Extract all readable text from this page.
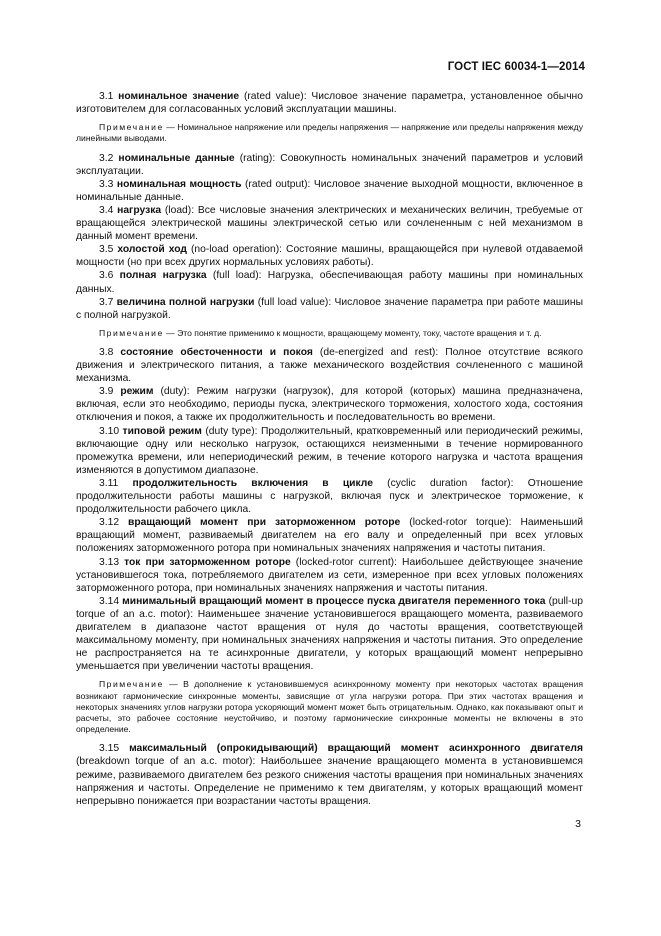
ГОСТ IEC 60034-1—2014

3.1 номинальное значение (rated value): Числовое значение параметра, установленное обычно изготовителем для согласованных условий эксплуатации машины.

Примечание — Номинальное напряжение или пределы напряжения — напряжение или пределы напряжения между линейными выводами.

3.2 номинальные данные (rating): Совокупность номинальных значений параметров и условий эксплуатации.

3.3 номинальная мощность (rated output): Числовое значение выходной мощности, включенное в номинальные данные.

3.4 нагрузка (load): Все числовые значения электрических и механических величин, требуемые от вращающейся электрической машины электрической сетью или сочлененным с ней механизмом в данный момент времени.

3.5 холостой ход (no-load operation): Состояние машины, вращающейся при нулевой отдаваемой мощности (но при всех других нормальных условиях работы).

3.6 полная нагрузка (full load): Нагрузка, обеспечивающая работу машины при номинальных данных.

3.7 величина полной нагрузки (full load value): Числовое значение параметра при работе машины с полной нагрузкой.

Примечание — Это понятие применимо к мощности, вращающему моменту, току, частоте вращения и т. д.

3.8 состояние обесточенности и покоя (de-energized and rest): Полное отсутствие всякого движения и электрического питания, а также механического воздействия сочлененного с машиной механизма.

3.9 режим (duty): Режим нагрузки (нагрузок), для которой (которых) машина предназначена, включая, если это необходимо, периоды пуска, электрического торможения, холостого хода, состояния отключения и покоя, а также их продолжительность и последовательность во времени.

3.10 типовой режим (duty type): Продолжительный, кратковременный или периодический режимы, включающие одну или несколько нагрузок, остающихся неизменными в течение нормированного промежутка времени, или непериодический режим, в течение которого нагрузка и частота вращения изменяются в допустимом диапазоне.

3.11 продолжительность включения в цикле (cyclic duration factor): Отношение продолжительности работы машины с нагрузкой, включая пуск и электрическое торможение, к продолжительности рабочего цикла.

3.12 вращающий момент при заторможенном роторе (locked-rotor torque): Наименьший вращающий момент, развиваемый двигателем на его валу и определенный при всех угловых положениях заторможенного ротора при номинальных значениях напряжения и частоты питания.

3.13 ток при заторможенном роторе (locked-rotor current): Наибольшее действующее значение установившегося тока, потребляемого двигателем из сети, измеренное при всех угловых положениях заторможенного ротора, при номинальных значениях напряжения и частоты питания.

3.14 минимальный вращающий момент в процессе пуска двигателя переменного тока (pull-up torque of an a.c. motor): Наименьшее значение установившегося вращающего момента, развиваемого двигателем в диапазоне частот вращения от нуля до частоты вращения, соответствующей максимальному моменту, при номинальных значениях напряжения и частоты питания. Это определение не распространяется на те асинхронные двигатели, у которых вращающий момент непрерывно уменьшается при увеличении частоты вращения.

Примечание — В дополнение к установившемуся асинхронному моменту при некоторых частотах вращения возникают гармонические синхронные моменты, зависящие от угла нагрузки ротора. При этих частотах вращения и некоторых значениях углов нагрузки ротора ускоряющий момент может быть отрицательным. Однако, как показывают опыт и расчеты, это рабочее состояние неустойчиво, и поэтому гармонические синхронные моменты не включены в это определение.

3.15 максимальный (опрокидывающий) вращающий момент асинхронного двигателя (breakdown torque of an a.c. motor): Наибольшее значение вращающего момента в установившемся режиме, развиваемого двигателем без резкого снижения частоты вращения при номинальных значениях напряжения и частоты. Определение не применимо к тем двигателям, у которых вращающий момент непрерывно понижается при возрастании частоты вращения.

3
